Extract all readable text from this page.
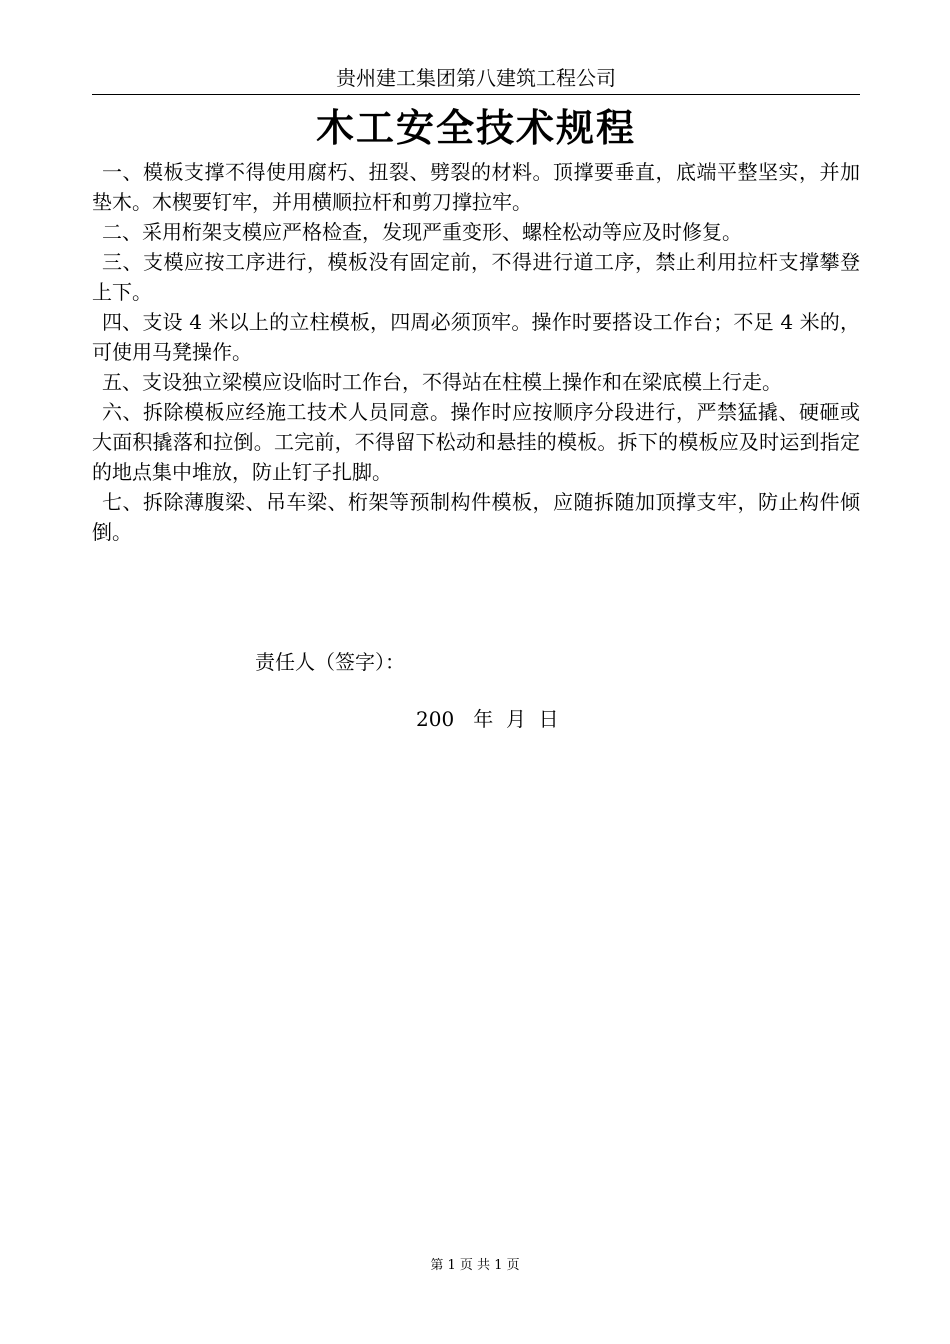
贵州建工集团第八建筑工程公司
木工安全技术规程

一、模板支撑不得使用腐朽、扭裂、劈裂的材料。顶撑要垂直，底端平整坚实，并加垫木。木楔要钉牢，并用横顺拉杆和剪刀撑拉牢。

二、采用桁架支模应严格检查，发现严重变形、螺栓松动等应及时修复。

三、支模应按工序进行，模板没有固定前，不得进行道工序，禁止利用拉杆支撑攀登上下。

四、支设 4 米以上的立柱模板，四周必须顶牢。操作时要搭设工作台；不足 4 米的，可使用马凳操作。

五、支设独立梁模应设临时工作台，不得站在柱模上操作和在梁底模上行走。

六、拆除模板应经施工技术人员同意。操作时应按顺序分段进行，严禁猛撬、硬砸或大面积撬落和拉倒。工完前，不得留下松动和悬挂的模板。拆下的模板应及时运到指定的地点集中堆放，防止钉子扎脚。

七、拆除薄腹梁、吊车梁、桁架等预制构件模板，应随拆随加顶撑支牢，防止构件倾倒。

责任人（签字）：
200   年  月  日
第 1 页 共 1 页
